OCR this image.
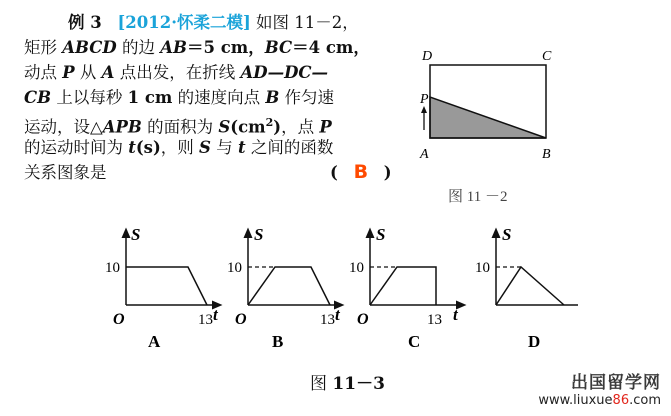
例 3 [2012·怀柔二模] 如图 11－2，
矩形 ABCD 的边 AB＝5 cm，BC＝4 cm，
动点 P 从 A 点出发，在折线 AD—DC—
CB 上以每秒 1 cm 的速度向点 B 作匀速
运动，设△APB 的面积为 $S(cm^2)$，点 P
的运动时间为 t(s)，则 S 与 t 之间的函数
关系图象是	( B )
D	C
P
A	B
图 11 －2
S
10
O	13 t
S
10
O	13 t
S
10
O	13 t
S
10
A	B	C	D
图 11－3	出国留学网
www.liuxue86.com
